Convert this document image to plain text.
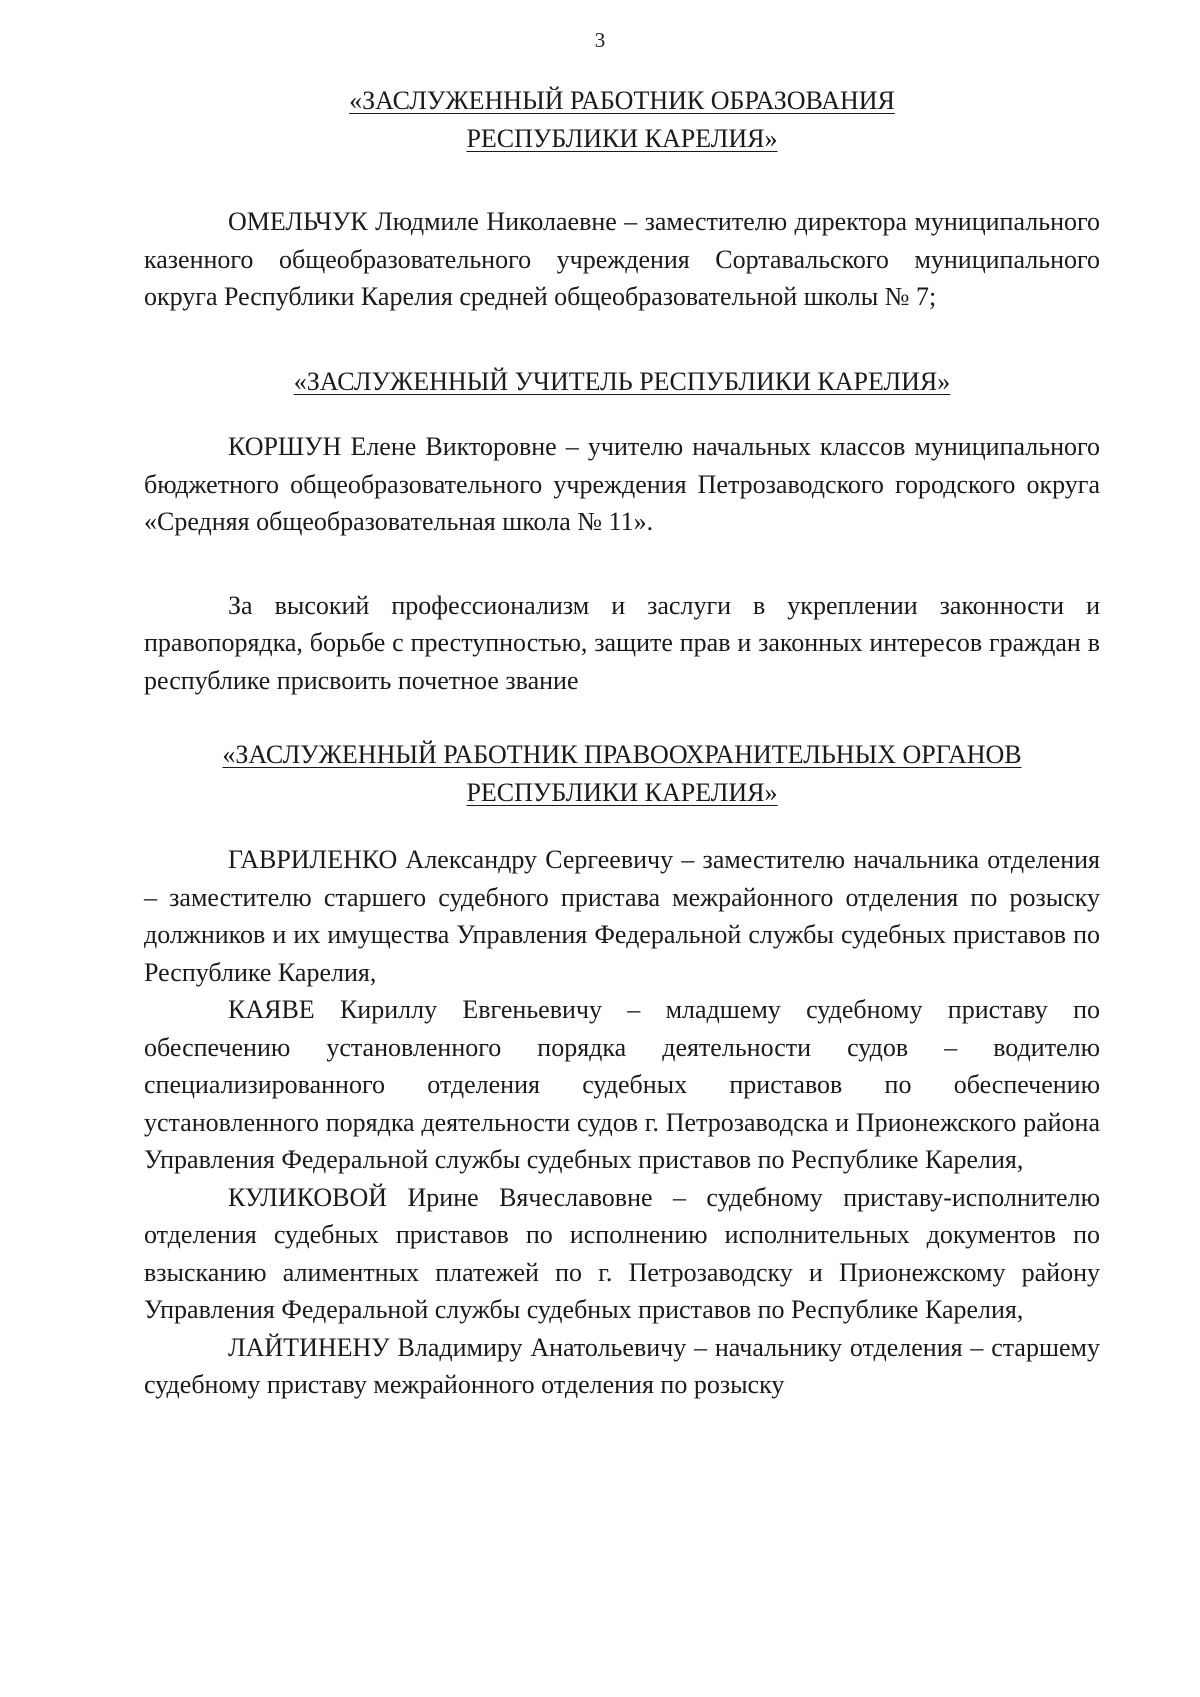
3

«ЗАСЛУЖЕННЫЙ РАБОТНИК ОБРАЗОВАНИЯ
РЕСПУБЛИКИ КАРЕЛИЯ»

ОМЕЛЬЧУК Людмиле Николаевне – заместителю директора муниципального казенного общеобразовательного учреждения Сортавальского муниципального округа Республики Карелия средней общеобразовательной школы № 7;

«ЗАСЛУЖЕННЫЙ УЧИТЕЛЬ РЕСПУБЛИКИ КАРЕЛИЯ»

КОРШУН Елене Викторовне – учителю начальных классов муниципального бюджетного общеобразовательного учреждения Петрозаводского городского округа «Средняя общеобразовательная школа № 11».

За высокий профессионализм и заслуги в укреплении законности и правопорядка, борьбе с преступностью, защите прав и законных интересов граждан в республике присвоить почетное звание

«ЗАСЛУЖЕННЫЙ РАБОТНИК ПРАВООХРАНИТЕЛЬНЫХ ОРГАНОВ
РЕСПУБЛИКИ КАРЕЛИЯ»

ГАВРИЛЕНКО Александру Сергеевичу – заместителю начальника отделения – заместителю старшего судебного пристава межрайонного отделения по розыску должников и их имущества Управления Федеральной службы судебных приставов по Республике Карелия,

КАЯВЕ Кириллу Евгеньевичу – младшему судебному приставу по обеспечению установленного порядка деятельности судов – водителю специализированного отделения судебных приставов по обеспечению установленного порядка деятельности судов г. Петрозаводска и Прионежского района Управления Федеральной службы судебных приставов по Республике Карелия,

КУЛИКОВОЙ Ирине Вячеславовне – судебному приставу-исполнителю отделения судебных приставов по исполнению исполнительных документов по взысканию алиментных платежей по г. Петрозаводску и Прионежскому району Управления Федеральной службы судебных приставов по Республике Карелия,

ЛАЙТИНЕНУ Владимиру Анатольевичу – начальнику отделения – старшему судебному приставу межрайонного отделения по розыску
